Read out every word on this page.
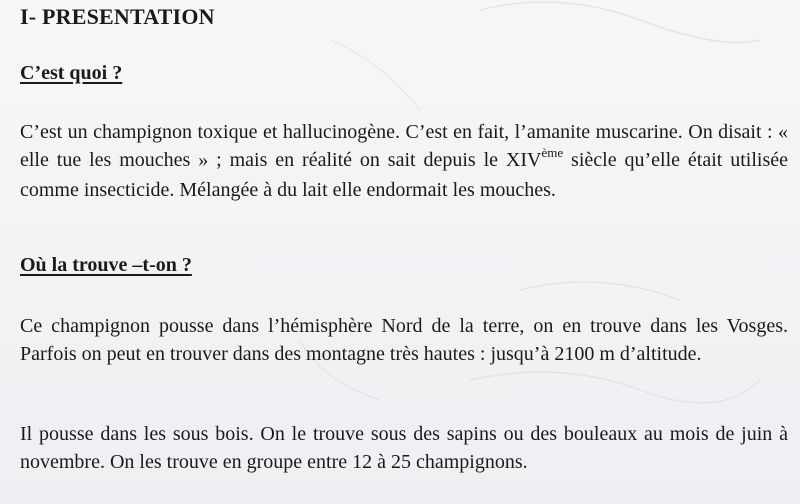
I- PRESENTATION
C’est quoi ?

C’est un champignon toxique et hallucinogène. C’est en fait, l’amanite muscarine. On disait : « elle tue les mouches » ; mais en réalité on sait depuis le XIVème siècle qu’elle était utilisée comme insecticide. Mélangée à du lait elle endormait les mouches.

Où la trouve –t-on ?

Ce champignon pousse dans l’hémisphère Nord de la terre, on en trouve dans les Vosges. Parfois on peut en trouver dans des montagne très hautes : jusqu’à 2100 m d’altitude.

Il pousse dans les sous bois. On le trouve sous des sapins ou des bouleaux au mois de juin à novembre. On les trouve en groupe entre 12 à 25 champignons.
